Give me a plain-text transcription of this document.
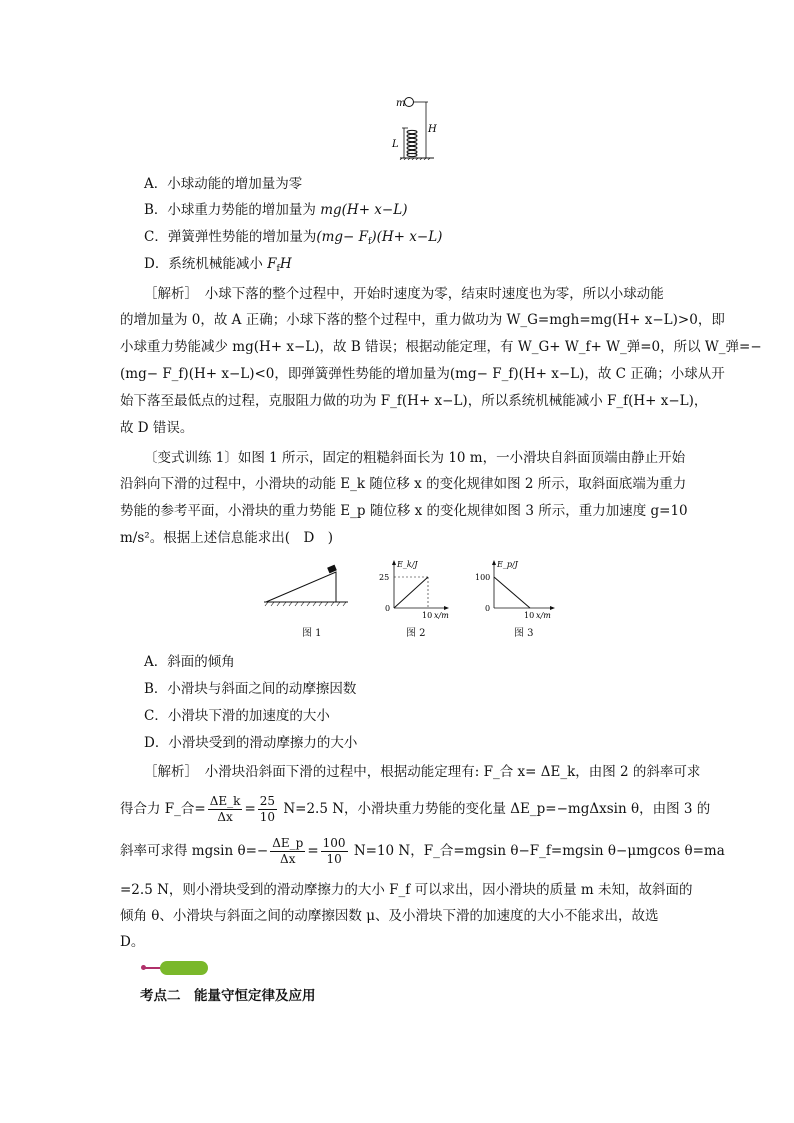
m
H
L
A．小球动能的增加量为零
B．小球重力势能的增加量为 mg(H+ x−L)
C．弹簧弹性势能的增加量为$(mg- F_f)(H+ x-L)$
D．系统机械能减小 $F_fH$
［解析］　小球下落的整个过程中，开始时速度为零，结束时速度也为零，所以小球动能
的增加量为 0，故 A 正确；小球下落的整个过程中，重力做功为 W_G=mgh=mg(H+ x−L)>0，即
小球重力势能减少 mg(H+ x−L)，故 B 错误；根据动能定理，有 W_G+ W_f+ W_弹=0，所以 W_弹=−
(mg− F_f)(H+ x−L)<0，即弹簧弹性势能的增加量为(mg− F_f)(H+ x−L)，故 C 正确；小球从开
始下落至最低点的过程，克服阻力做的功为 F_f(H+ x−L)，所以系统机械能减小 F_f(H+ x−L)，
故 D 错误。
〔变式训练 1〕如图 1 所示，固定的粗糙斜面长为 10 m，一小滑块自斜面顶端由静止开始
沿斜向下滑的过程中，小滑块的动能 E_k 随位移 x 的变化规律如图 2 所示，取斜面底端为重力
势能的参考平面，小滑块的重力势能 E_p 随位移 x 的变化规律如图 3 所示，重力加速度 g=10
m/s²。根据上述信息能求出(　D　)
图 1
E_k/J
25
0
10 x/m
图 2
E_p/J
100
0
10 x/m
图 3
A．斜面的倾角
B．小滑块与斜面之间的动摩擦因数
C．小滑块下滑的加速度的大小
D．小滑块受到的滑动摩擦力的大小
［解析］　小滑块沿斜面下滑的过程中，根据动能定理有: F_合 x= ΔE_k，由图 2 的斜率可求
得合力 F_合= $\frac{\Delta E\_k}{\Delta x} = \frac{25}{10} N=2.5$ N，小滑块重力势能的变化量 ΔE_p=−mgΔxsin θ，由图 3 的
斜率可求得 mgsin $\theta=- \frac{\Delta E\_p}{\Delta x} = \frac{100}{10} N=10$ N，F_合=mgsin θ−F_f=mgsin θ−μmgcos θ=ma
=2.5 N，则小滑块受到的滑动摩擦力的大小 F_f 可以求出，因小滑块的质量 m 未知，故斜面的
倾角 θ、小滑块与斜面之间的动摩擦因数 μ、及小滑块下滑的加速度的大小不能求出，故选
D。
考点二　能量守恒定律及应用
